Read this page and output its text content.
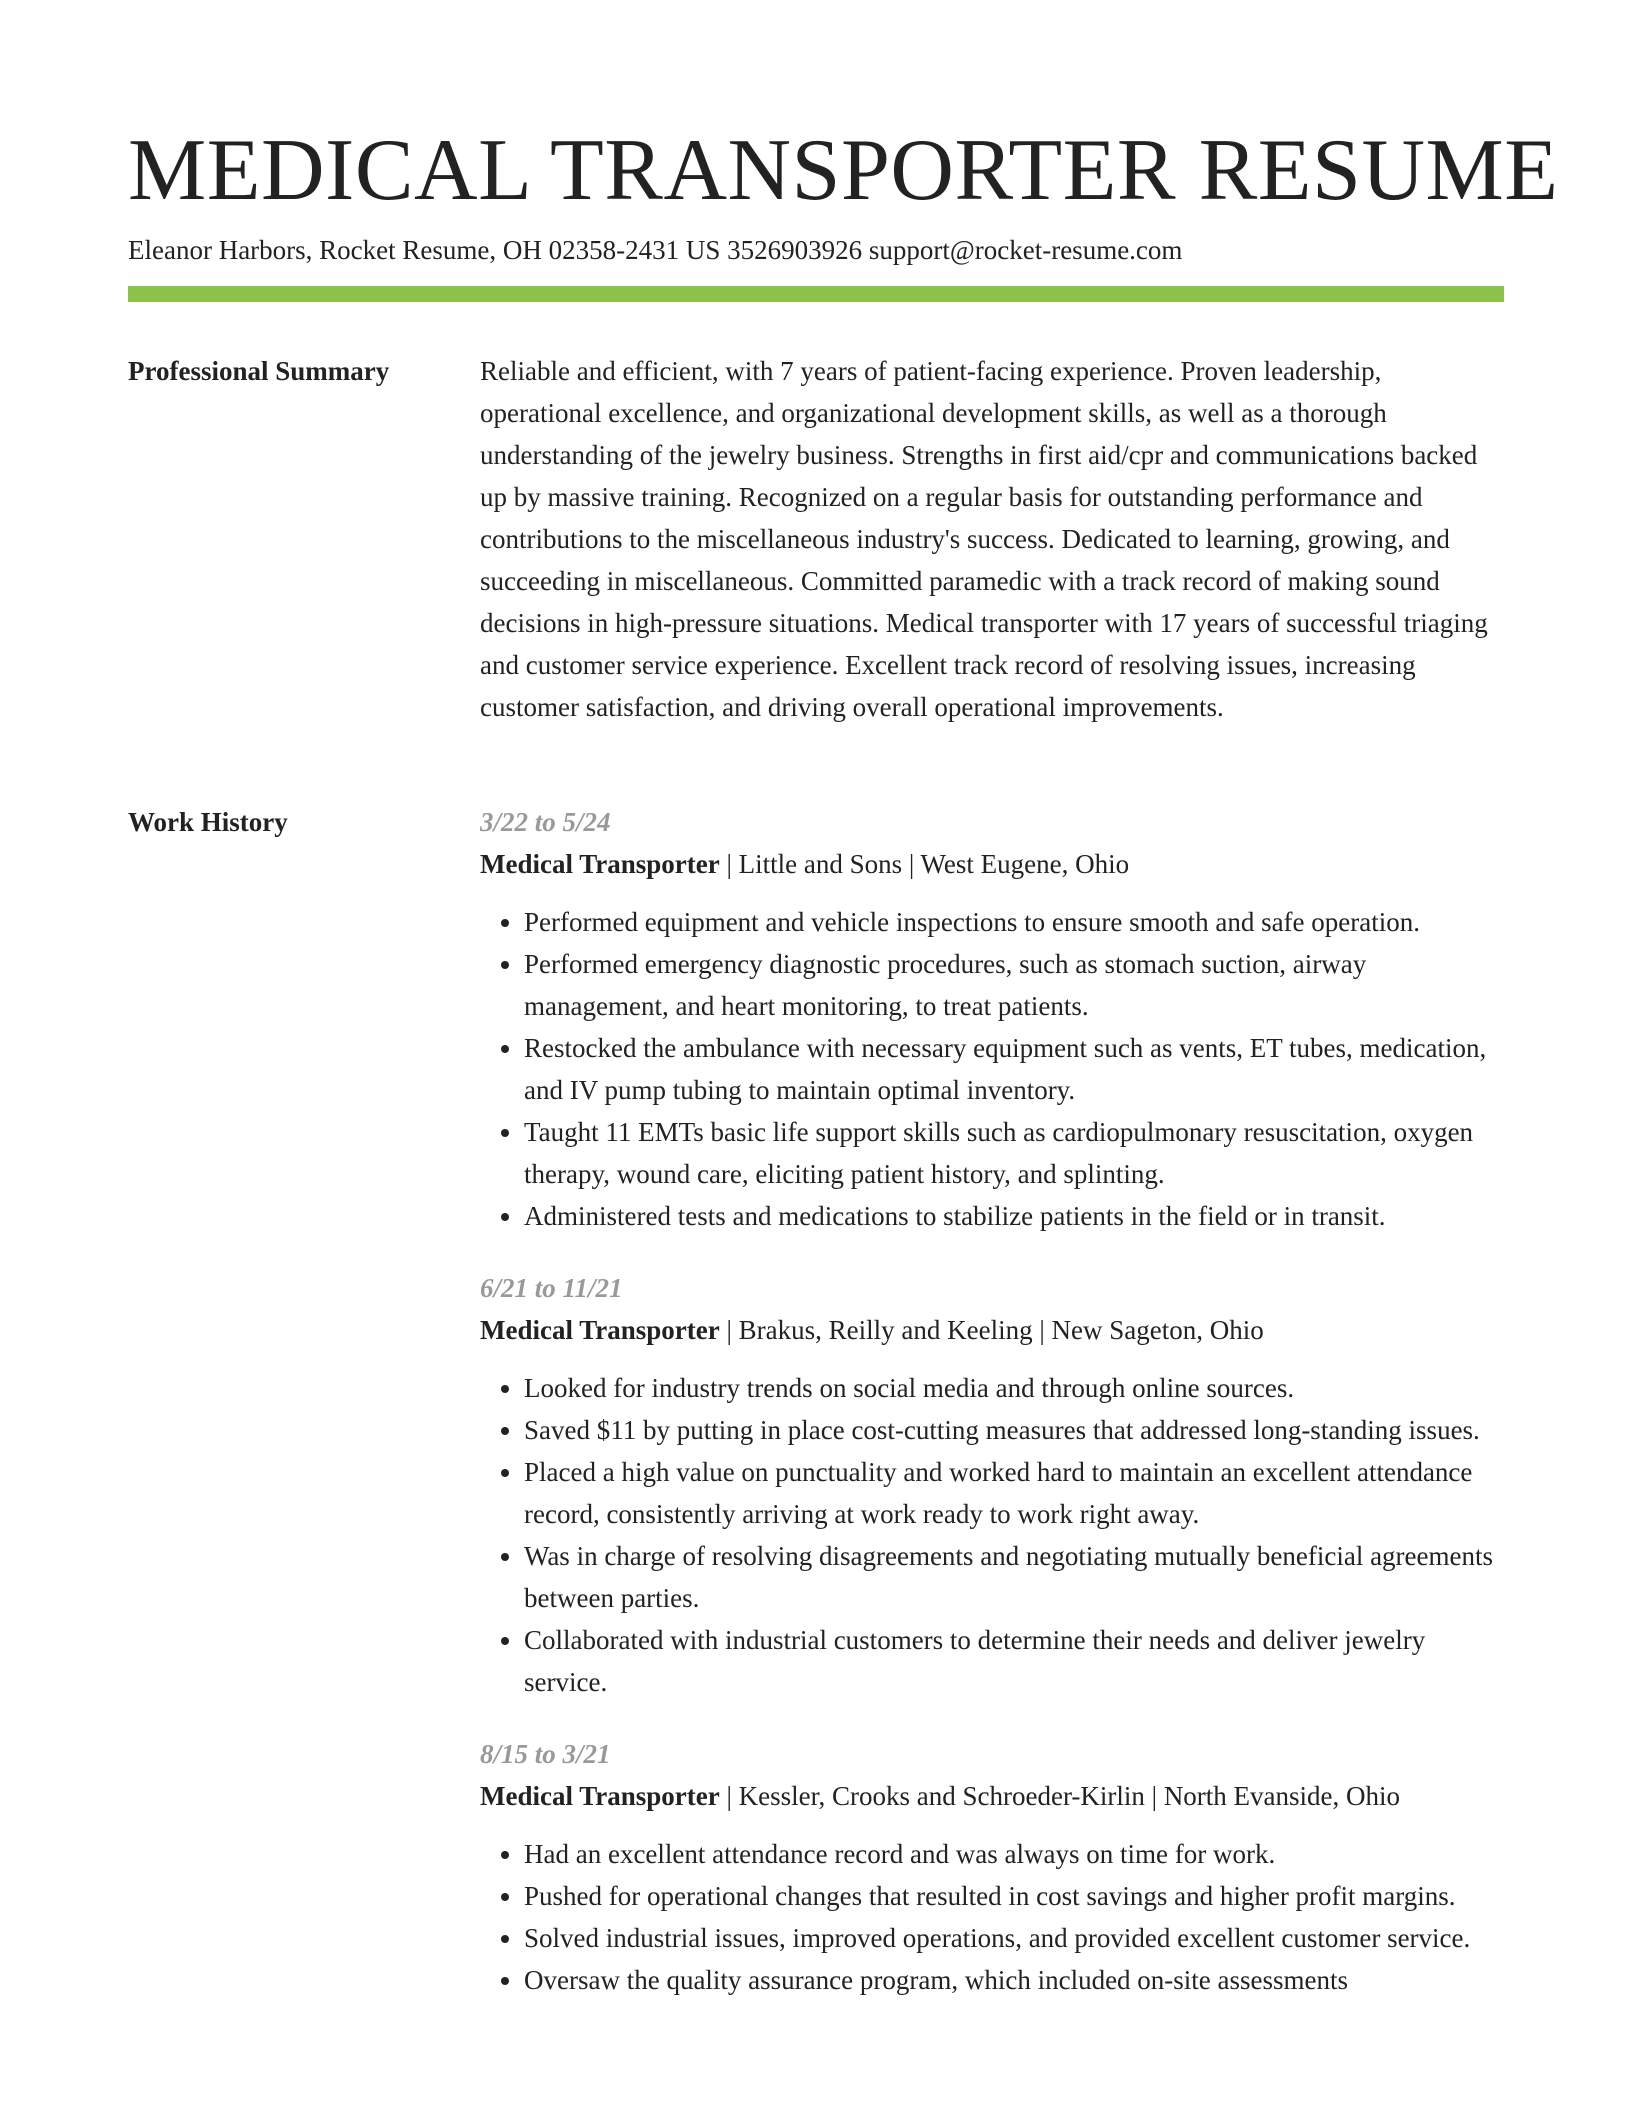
MEDICAL TRANSPORTER RESUME
Eleanor Harbors, Rocket Resume, OH 02358-2431 US 3526903926 support@rocket-resume.com
Professional Summary	Reliable and efficient, with 7 years of patient-facing experience. Proven leadership, operational excellence, and organizational development skills, as well as a thorough understanding of the jewelry business. Strengths in first aid/cpr and communications backed up by massive training. Recognized on a regular basis for outstanding performance and contributions to the miscellaneous industry's success. Dedicated to learning, growing, and succeeding in miscellaneous. Committed paramedic with a track record of making sound decisions in high-pressure situations. Medical transporter with 17 years of successful triaging and customer service experience. Excellent track record of resolving issues, increasing customer satisfaction, and driving overall operational improvements.

Work History	3/22 to 5/24
Medical Transporter | Little and Sons | West Eugene, Ohio
• Performed equipment and vehicle inspections to ensure smooth and safe operation.
• Performed emergency diagnostic procedures, such as stomach suction, airway management, and heart monitoring, to treat patients.
• Restocked the ambulance with necessary equipment such as vents, ET tubes, medication, and IV pump tubing to maintain optimal inventory.
• Taught 11 EMTs basic life support skills such as cardiopulmonary resuscitation, oxygen therapy, wound care, eliciting patient history, and splinting.
• Administered tests and medications to stabilize patients in the field or in transit.
6/21 to 11/21
Medical Transporter | Brakus, Reilly and Keeling | New Sageton, Ohio
• Looked for industry trends on social media and through online sources.
• Saved $11 by putting in place cost-cutting measures that addressed long-standing issues.
• Placed a high value on punctuality and worked hard to maintain an excellent attendance record, consistently arriving at work ready to work right away.
• Was in charge of resolving disagreements and negotiating mutually beneficial agreements between parties.
• Collaborated with industrial customers to determine their needs and deliver jewelry service.
8/15 to 3/21
Medical Transporter | Kessler, Crooks and Schroeder-Kirlin | North Evanside, Ohio
• Had an excellent attendance record and was always on time for work.
• Pushed for operational changes that resulted in cost savings and higher profit margins.
• Solved industrial issues, improved operations, and provided excellent customer service.
• Oversaw the quality assurance program, which included on-site assessments
